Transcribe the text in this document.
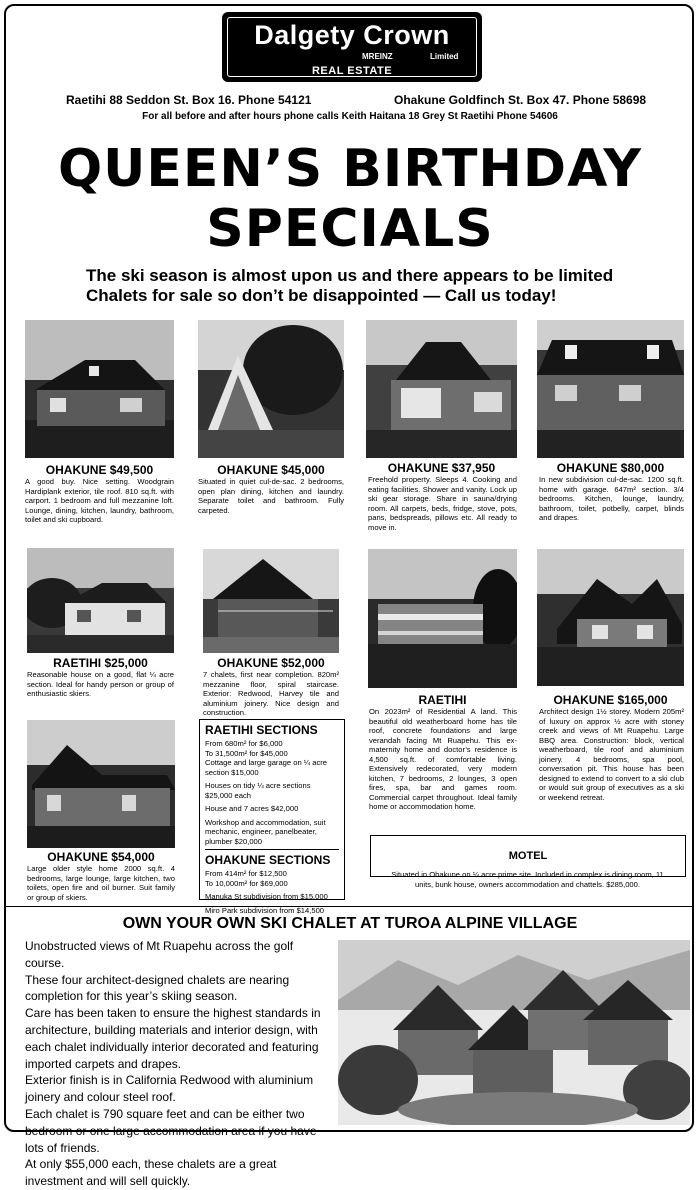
Dalgety Crown
MREINZ	Limited
REAL ESTATE
Raetihi 88 Seddon St. Box 16. Phone 54121	Ohakune Goldfinch St. Box 47. Phone 58698
For all before and after hours phone calls Keith Haitana 18 Grey St Raetihi Phone 54606
QUEEN’S BIRTHDAY
SPECIALS
The ski season is almost upon us and there appears to be limited Chalets for sale so don’t be disappointed — Call us today!
OHAKUNE $49,500
A good buy. Nice setting. Woodgrain Hardiplank exterior, tile roof. 810 sq.ft. with carport. 1 bedroom and full mezzanine loft. Lounge, dining, kitchen, laundry, bathroom, toilet and ski cupboard.
OHAKUNE $45,000
Situated in quiet cul-de-sac. 2 bedrooms, open plan dining, kitchen and laundry. Separate toilet and bathroom. Fully carpeted.
OHAKUNE $37,950
Freehold property. Sleeps 4. Cooking and eating facilities. Shower and vanity. Lock up ski gear storage. Share in sauna/drying room. All carpets, beds, fridge, stove, pots, pans, bedspreads, pillows etc. All ready to move in.
OHAKUNE $80,000
In new subdivision cul-de-sac. 1200 sq.ft. home with garage. 647m² section. 3/4 bedrooms. Kitchen, lounge, laundry, bathroom, toilet, potbelly, carpet, blinds and drapes.
RAETIHI $25,000
Reasonable house on a good, flat ¼ acre section. Ideal for handy person or group of enthusiastic skiers.
OHAKUNE $52,000
7 chalets, first near completion. 820m² mezzanine floor, spiral staircase. Exterior: Redwood, Harvey tile and aluminium joinery. Nice design and construction.
RAETIHI
On 2023m² of Residential A land. This beautiful old weatherboard home has tile roof, concrete foundations and large verandah facing Mt Ruapehu. This ex-maternity home and doctor’s residence is 4,500 sq.ft. of comfortable living. Extensively redecorated, very modern kitchen, 7 bedrooms, 2 lounges, 3 open fires, spa, bar and games room. Commercial carpet throughout. Ideal family home or accommodation home.
OHAKUNE $165,000
Architect design 1½ storey. Modern 205m² of luxury on approx ½ acre with stoney creek and views of Mt Ruapehu. Large BBQ area. Construction: block, vertical weatherboard, tile roof and aluminium joinery. 4 bedrooms, spa pool, conversation pit. This house has been designed to extend to convert to a ski club or would suit group of executives as a ski or weekend retreat.
OHAKUNE $54,000
Large older style home 2000 sq.ft. 4 bedrooms, large lounge, large kitchen, two toilets, open fire and oil burner. Suit family or group of skiers.
RAETIHI SECTIONS
From 680m² for $6,000
To 31,500m² for $45,000
Cottage and large garage on ¼ acre section $15,000
Houses on tidy ¼ acre sections $25,000 each
House and 7 acres $42,000
Workshop and accommodation, suit mechanic, engineer, panelbeater, plumber $20,000
OHAKUNE SECTIONS
From 414m² for $12,500
To 10,000m² for $69,000
Manuka St subdivision from $15,000
Miro Park subdivision from $14,500
MOTEL
Situated in Ohakune on ¼ acre prime site. Included in complex is dining room, 11 units, bunk house, owners accommodation and chattels. $285,000.
OWN YOUR OWN SKI CHALET AT TUROA ALPINE VILLAGE

Unobstructed views of Mt Ruapehu across the golf course.

These four architect-designed chalets are nearing completion for this year’s skiing season.

Care has been taken to ensure the highest standards in architecture, building materials and interior design, with each chalet individually interior decorated and featuring imported carpets and drapes.

Exterior finish is in California Redwood with aluminium joinery and colour steel roof.

Each chalet is 790 square feet and can be either two bedroom or one large accommodation area if you have lots of friends.

At only $55,000 each, these chalets are a great investment and will sell quickly.
